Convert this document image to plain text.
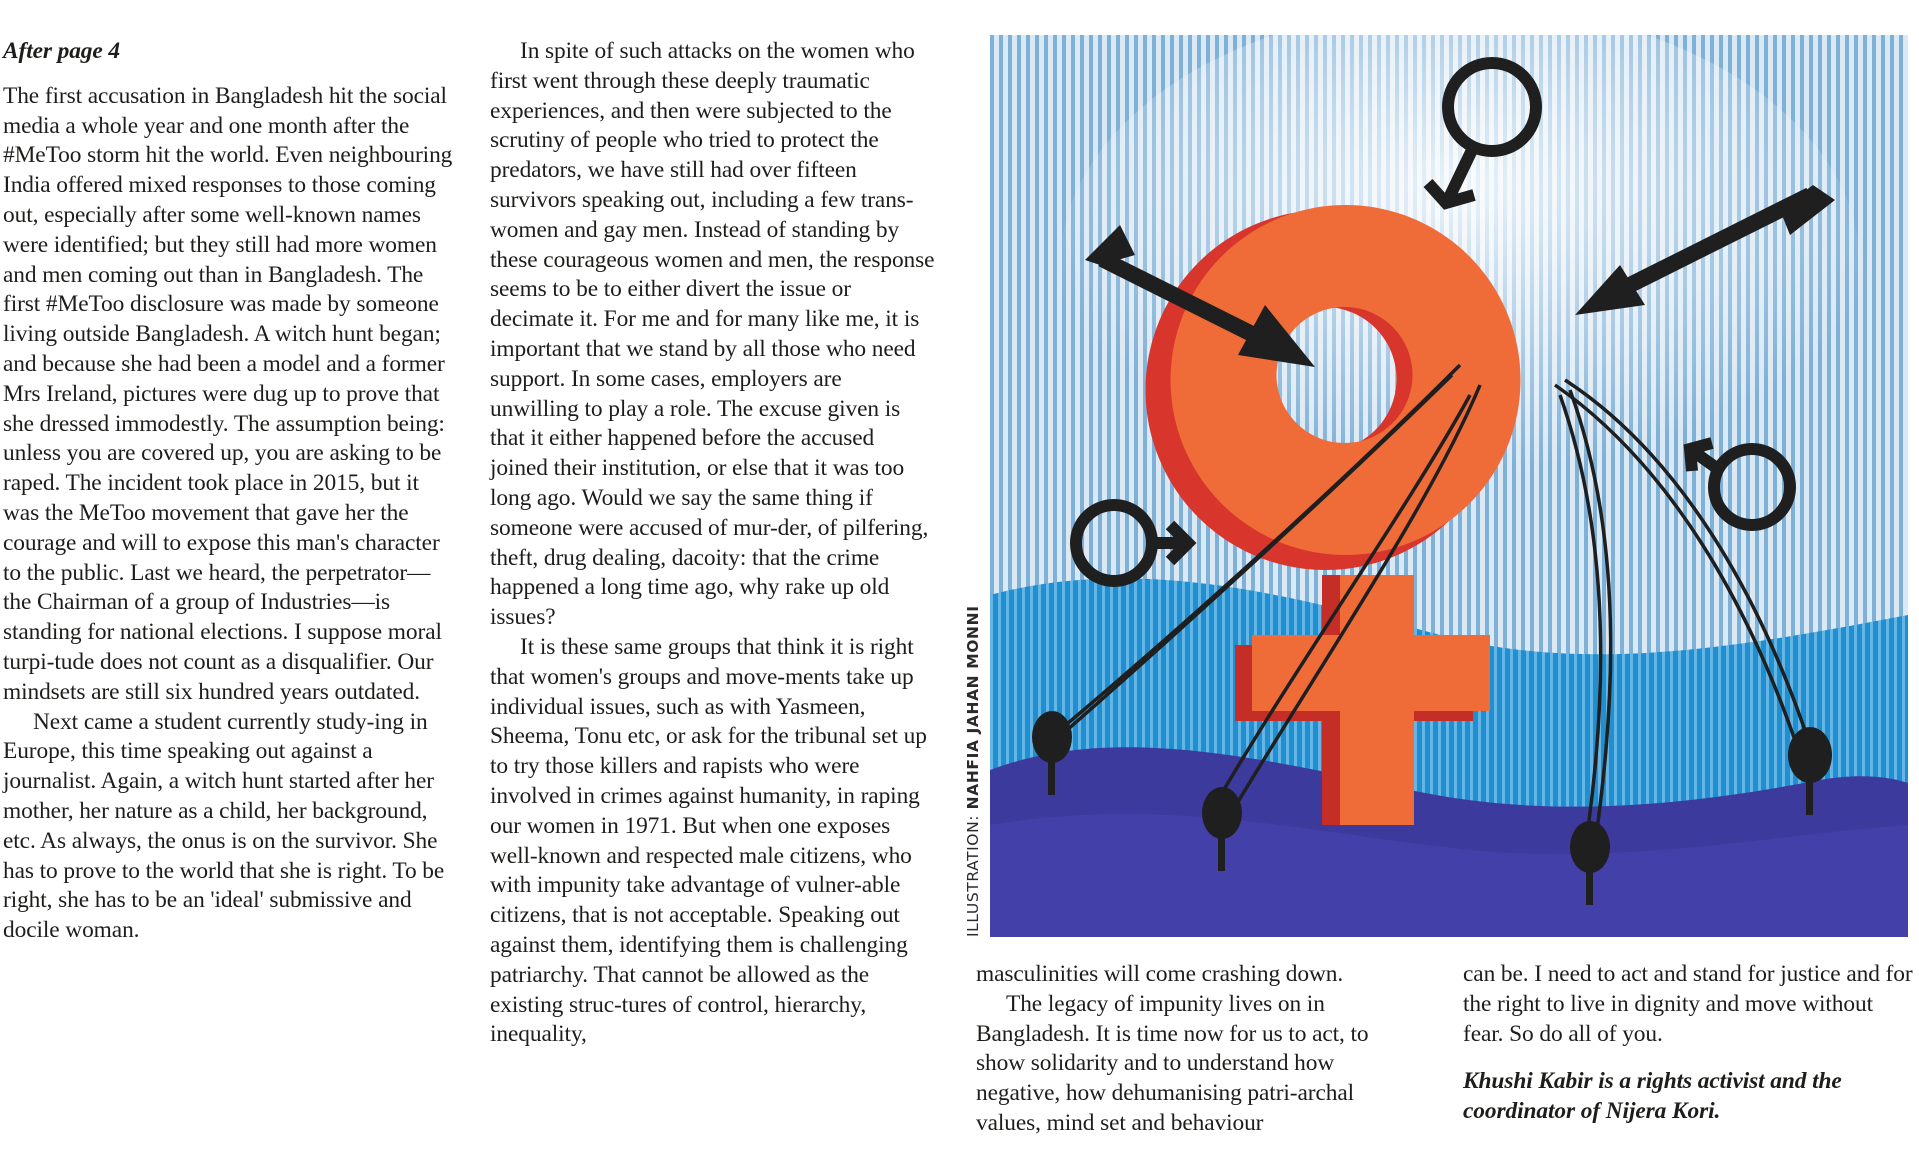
After page 4

The first accusation in Bangladesh hit the social media a whole year and one month after the #MeToo storm hit the world. Even neighbouring India offered mixed responses to those coming out, especially after some well-known names were identified; but they still had more women and men coming out than in Bangladesh. The first #MeToo disclosure was made by someone living outside Bangladesh. A witch hunt began; and because she had been a model and a former Mrs Ireland, pictures were dug up to prove that she dressed immodestly. The assumption being: unless you are covered up, you are asking to be raped. The incident took place in 2015, but it was the MeToo movement that gave her the courage and will to expose this man's character to the public. Last we heard, the perpetrator—the Chairman of a group of Industries—is standing for national elections. I suppose moral turpi-tude does not count as a disqualifier. Our mindsets are still six hundred years outdated.

Next came a student currently study-ing in Europe, this time speaking out against a journalist. Again, a witch hunt started after her mother, her nature as a child, her background, etc. As always, the onus is on the survivor. She has to prove to the world that she is right. To be right, she has to be an 'ideal' submissive and docile woman.

In spite of such attacks on the women who first went through these deeply traumatic experiences, and then were subjected to the scrutiny of people who tried to protect the predators, we have still had over fifteen survivors speaking out, including a few trans-women and gay men. Instead of standing by these courageous women and men, the response seems to be to either divert the issue or decimate it. For me and for many like me, it is important that we stand by all those who need support. In some cases, employers are unwilling to play a role. The excuse given is that it either happened before the accused joined their institution, or else that it was too long ago. Would we say the same thing if someone were accused of mur-der, of pilfering, theft, drug dealing, dacoity: that the crime happened a long time ago, why rake up old issues?

It is these same groups that think it is right that women's groups and move-ments take up individual issues, such as with Yasmeen, Sheema, Tonu etc, or ask for the tribunal set up to try those killers and rapists who were involved in crimes against humanity, in raping our women in 1971. But when one exposes well-known and respected male citizens, who with impunity take advantage of vulner-able citizens, that is not acceptable. Speaking out against them, identifying them is challenging patriarchy. That cannot be allowed as the existing struc-tures of control, hierarchy, inequality,

ILLUSTRATION: NAHFIA JAHAN MONNI

masculinities will come crashing down.

The legacy of impunity lives on in Bangladesh. It is time now for us to act, to show solidarity and to understand how negative, how dehumanising patri-archal values, mind set and behaviour

can be. I need to act and stand for justice and for the right to live in dignity and move without fear. So do all of you.

Khushi Kabir is a rights activist and the coordinator of Nijera Kori.
